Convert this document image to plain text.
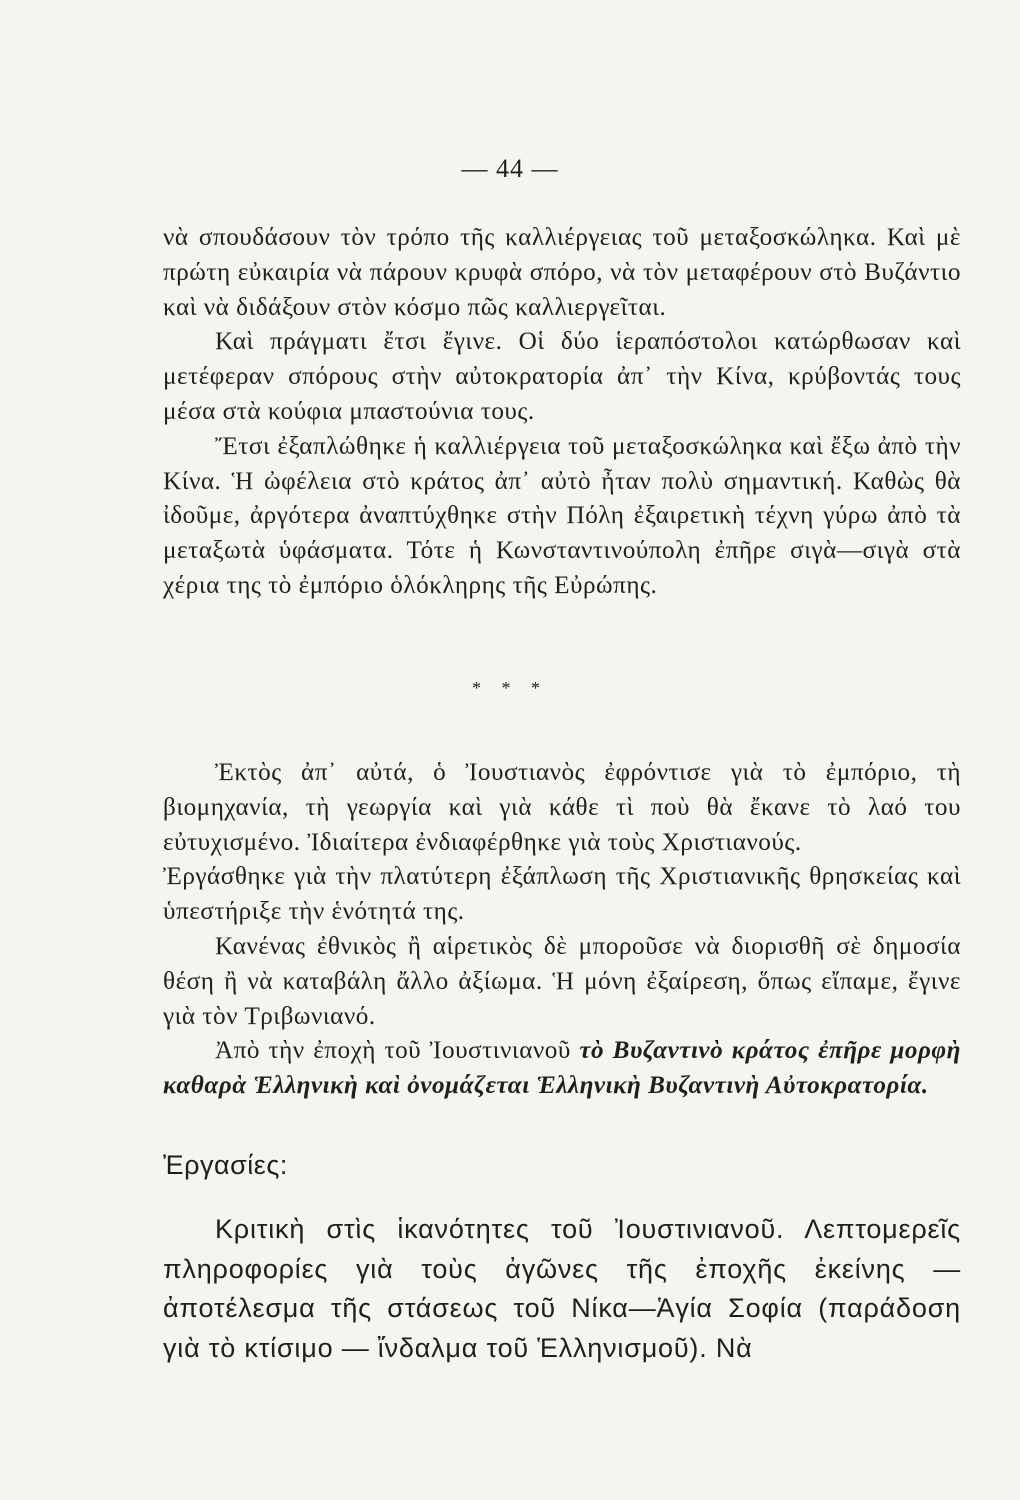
— 44 —

νὰ σπουδάσουν τὸν τρόπο τῆς καλλιέργειας τοῦ μεταξοσκώληκα. Καὶ μὲ πρώτη εὐκαιρία νὰ πάρουν κρυφὰ σπόρο, νὰ τὸν μεταφέρουν στὸ Βυζάντιο καὶ νὰ διδάξουν στὸν κόσμο πῶς καλλιεργεῖται.

Καὶ πράγματι ἔτσι ἔγινε. Οἱ δύο ἱεραπόστολοι κατώρθωσαν καὶ μετέφεραν σπόρους στὴν αὐτοκρατορία ἀπ᾽ τὴν Κίνα, κρύβοντάς τους μέσα στὰ κούφια μπαστούνια τους.

Ἔτσι ἐξαπλώθηκε ἡ καλλιέργεια τοῦ μεταξοσκώληκα καὶ ἔξω ἀπὸ τὴν Κίνα. Ἡ ὠφέλεια στὸ κράτος ἀπ᾽ αὐτὸ ἦταν πολὺ σημαντική. Καθὼς θὰ ἰδοῦμε, ἀργότερα ἀναπτύχθηκε στὴν Πόλη ἐξαιρετικὴ τέχνη γύρω ἀπὸ τὰ μεταξωτὰ ὑφάσματα. Τότε ἡ Κωνσταντινούπολη ἐπῆρε σιγὰ—σιγὰ στὰ χέρια της τὸ ἐμπόριο ὁλόκληρης τῆς Εὐρώπης.

* * *

Ἐκτὸς ἀπ᾽ αὐτά, ὁ Ἰουστιανὸς ἐφρόντισε γιὰ τὸ ἐμπόριο, τὴ βιομηχανία, τὴ γεωργία καὶ γιὰ κάθε τὶ ποὺ θὰ ἔκανε τὸ λαό του εὐτυχισμένο. Ἰδιαίτερα ἐνδιαφέρθηκε γιὰ τοὺς Χριστιανούς.

Ἐργάσθηκε γιὰ τὴν πλατύτερη ἐξάπλωση τῆς Χριστιανικῆς θρησκείας καὶ ὑπεστήριξε τὴν ἑνότητά της.

Κανένας ἐθνικὸς ἢ αἱρετικὸς δὲ μποροῦσε νὰ διορισθῆ σὲ δημοσία θέση ἢ νὰ καταβάλη ἄλλο ἀξίωμα. Ἡ μόνη ἐξαίρεση, ὅπως εἴπαμε, ἔγινε γιὰ τὸν Τριβωνιανό.

Ἀπὸ τὴν ἐποχὴ τοῦ Ἰουστινιανοῦ τὸ Βυζαντινὸ κράτος ἐπῆρε μορφὴ καθαρὰ Ἑλληνικὴ καὶ ὀνομάζεται Ἑλληνικὴ Βυζαντινὴ Αὐτοκρατορία.

Ἐργασίες:

Κριτικὴ στὶς ἱκανότητες τοῦ Ἰουστινιανοῦ. Λεπτομερεῖς πληροφορίες γιὰ τοὺς ἀγῶνες τῆς ἐποχῆς ἐκείνης —ἀποτέλεσμα τῆς στάσεως τοῦ Νίκα—Ἁγία Σοφία (παράδοση γιὰ τὸ κτίσιμο — ἴνδαλμα τοῦ Ἑλληνισμοῦ). Νὰ
